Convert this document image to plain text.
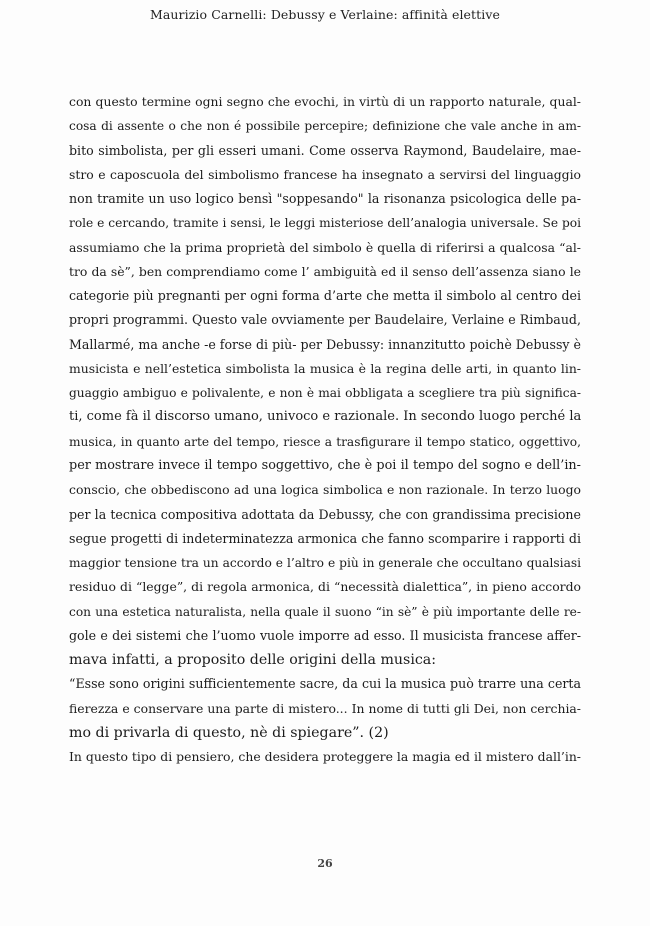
Maurizio Carnelli: Debussy e Verlaine: affinità elettive
con questo termine ogni segno che evochi, in virtù di un rapporto naturale, qual-
cosa di assente o che non é possibile percepire; definizione che vale anche in am-
bito simbolista, per gli esseri umani. Come osserva Raymond, Baudelaire, mae-
stro e caposcuola del simbolismo francese ha insegnato a servirsi del linguaggio
non tramite un uso logico bensì "soppesando" la risonanza psicologica delle pa-
role e cercando, tramite i sensi, le leggi misteriose dell’analogia universale. Se poi
assumiamo che la prima proprietà del simbolo è quella di riferirsi a qualcosa “al-
tro da sè”, ben comprendiamo come l’ ambiguità ed il senso dell’assenza siano le
categorie più pregnanti per ogni forma d’arte che metta il simbolo al centro dei
propri programmi. Questo vale ovviamente per Baudelaire, Verlaine e Rimbaud,
Mallarmé, ma anche -e forse di più- per Debussy: innanzitutto poichè Debussy è
musicista e nell’estetica simbolista la musica è la regina delle arti, in quanto lin-
guaggio ambiguo e polivalente, e non è mai obbligata a scegliere tra più significa-
ti, come fà il discorso umano, univoco e razionale. In secondo luogo perché la
musica, in quanto arte del tempo, riesce a trasfigurare il tempo statico, oggettivo,
per mostrare invece il tempo soggettivo, che è poi il tempo del sogno e dell’in-
conscio, che obbediscono ad una logica simbolica e non razionale. In terzo luogo
per la tecnica compositiva adottata da Debussy, che con grandissima precisione
segue progetti di indeterminatezza armonica che fanno scomparire i rapporti di
maggior tensione tra un accordo e l’altro e più in generale che occultano qualsiasi
residuo di “legge”, di regola armonica, di “necessità dialettica”, in pieno accordo
con una estetica naturalista, nella quale il suono “in sè” è più importante delle re-
gole e dei sistemi che l’uomo vuole imporre ad esso. Il musicista francese affer-
mava infatti, a proposito delle origini della musica:
“Esse sono origini sufficientemente sacre, da cui la musica può trarre una certa
fierezza e conservare una parte di mistero... In nome di tutti gli Dei, non cerchia-
mo di privarla di questo, nè di spiegare”. (2)
In questo tipo di pensiero, che desidera proteggere la magia ed il mistero dall’in-
26
